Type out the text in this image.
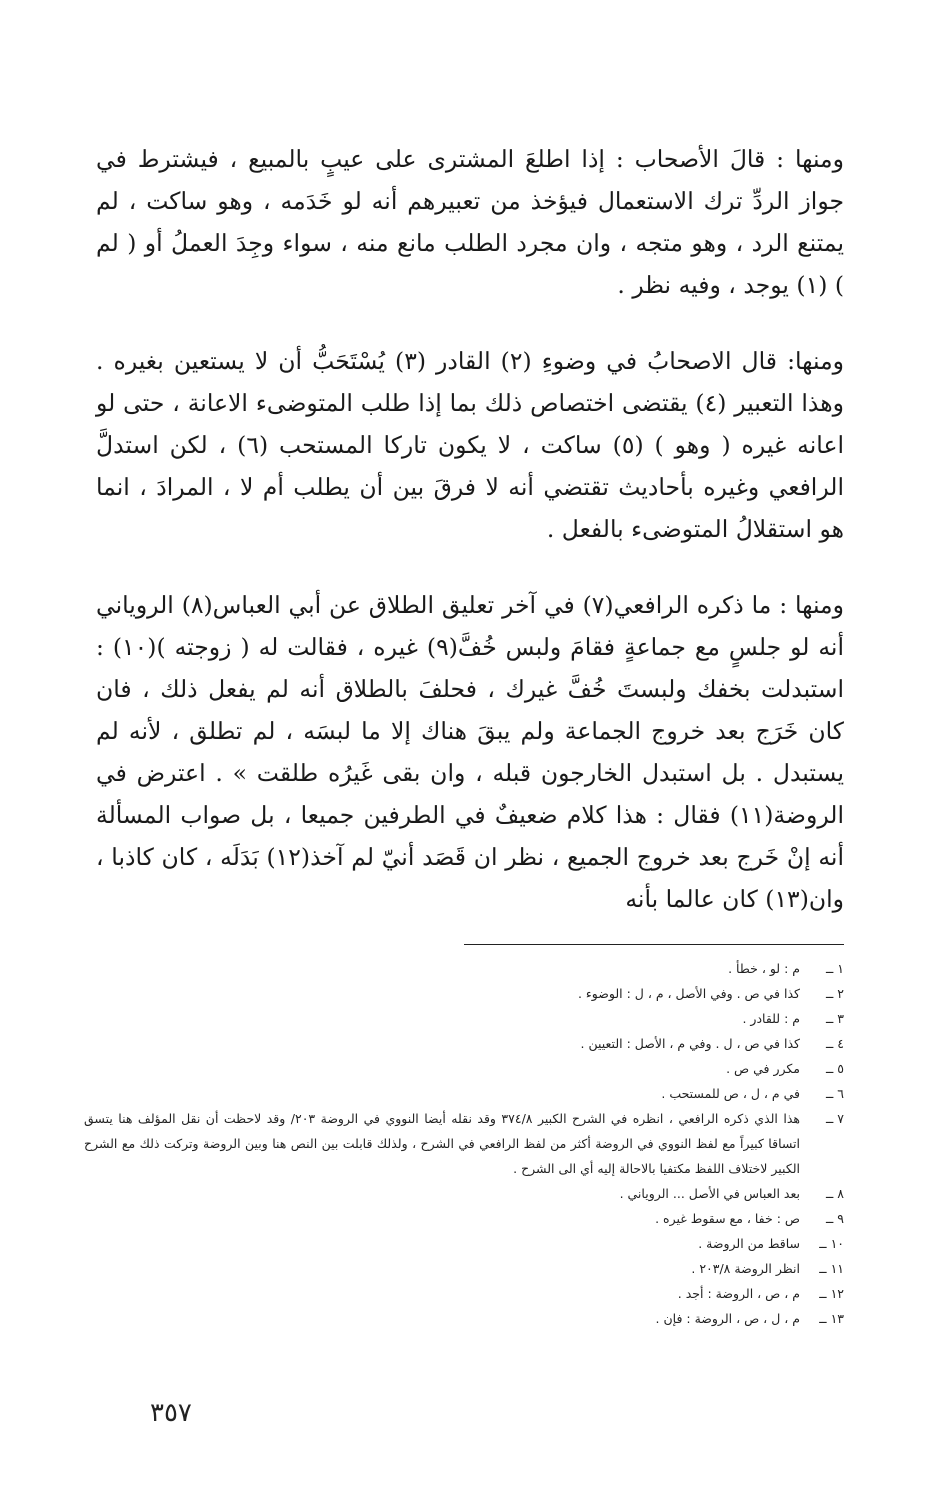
ومنها : قالَ الأصحاب : إذا اطلعَ المشترى على عيبٍ بالمبيع ، فيشترط في جواز الردِّ ترك الاستعمال فيؤخذ من تعبيرهم أنه لو خَدَمه ، وهو ساكت ، لم يمتنع الرد ، وهو متجه ، وان مجرد الطلب مانع منه ، سواء وجِدَ العملُ أو ( لم ) (١) يوجد ، وفيه نظر .

ومنها: قال الاصحابُ في وضوءِ (٢) القادر (٣) يُسْتَحَبُّ أن لا يستعين بغيره . وهذا التعبير (٤) يقتضى اختصاص ذلك بما إذا طلب المتوضىء الاعانة ، حتى لو اعانه غيره ( وهو ) (٥) ساكت ، لا يكون تاركا المستحب (٦) ، لكن استدلَّ الرافعي وغيره بأحاديث تقتضي أنه لا فرقَ بين أن يطلب أم لا ، المرادَ ، انما هو استقلالُ المتوضىء بالفعل .

ومنها : ما ذكره الرافعي(٧) في آخر تعليق الطلاق عن أبي العباس(٨) الروياني أنه لو جلسٍ مع جماعةٍ فقامَ ولبس خُفَّ(٩) غيره ، فقالت له ( زوجته )(١٠) : استبدلت بخفك ولبستَ خُفَّ غيرك ، فحلفَ بالطلاق أنه لم يفعل ذلك ، فان كان خَرَج بعد خروج الجماعة ولم يبقَ هناك إلا ما لبسَه ، لم تطلق ، لأنه لم يستبدل . بل استبدل الخارجون قبله ، وان بقى غَيرُه طلقت » . اعترض في الروضة(١١) فقال : هذا كلام ضعيفٌ في الطرفين جميعا ، بل صواب المسألة أنه إنْ خَرج بعد خروج الجميع ، نظر ان قَصَد أنيّ لم آخذ(١٢) بَدَلَه ، كان كاذبا ، وان(١٣) كان عالما بأنه

١ ــ
م : لو ، خطأ .
٢ ــ
كذا في ص . وفي الأصل ، م ، ل : الوضوء .
٣ ــ
م : للقادر .
٤ ــ
كذا في ص ، ل . وفي م ، الأصل : التعيين .
٥ ــ
مكرر في ص .
٦ ــ
في م ، ل ، ص للمستحب .
٧ ــ
هذا الذي ذكره الرافعي ، انظره في الشرح الكبير ٣٧٤/٨ وقد نقله أيضا النووي في الروضة ٢٠٣/ وقد لاحظت أن نقل المؤلف هنا يتسق اتساقا كبيراً مع لفظ النووي في الروضة أكثر من لفظ الرافعي في الشرح ، ولذلك قابلت بين النص هنا وبين الروضة وتركت ذلك مع الشرح الكبير لاختلاف اللفظ مكتفيا بالاحالة إليه أي الى الشرح .
٨ ــ
بعد العباس في الأصل ... الروياني .
٩ ــ
ص : خفا ، مع سقوط غيره .
١٠ ــ
ساقط من الروضة .
١١ ــ
انظر الروضة ٢٠٣/٨ .
١٢ ــ
م ، ص ، الروضة : أجد .
١٣ ــ
م ، ل ، ص ، الروضة : فإن .
٣٥٧
